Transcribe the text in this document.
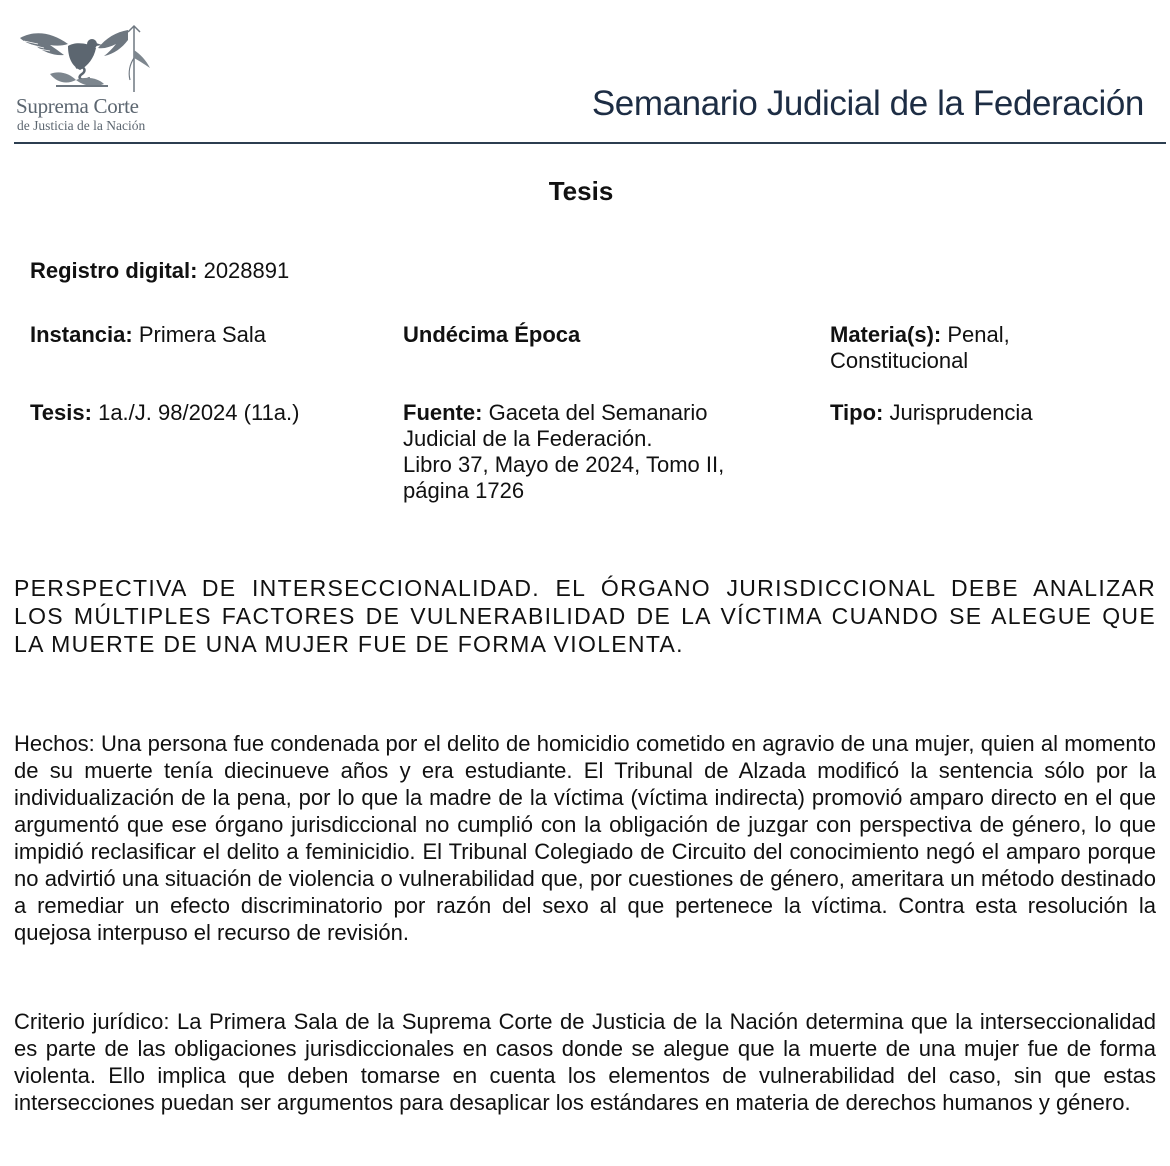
Suprema Corte
de Justicia de la Nación
Semanario Judicial de la Federación
Tesis
Registro digital: 2028891
Instancia: Primera Sala	Undécima Época	Materia(s): Penal,
Constitucional
Tesis: 1a./J. 98/2024 (11a.)	Fuente: Gaceta del Semanario
Judicial de la Federación.
Libro 37, Mayo de 2024, Tomo II,
página 1726
Tipo: Jurisprudencia
PERSPECTIVA DE INTERSECCIONALIDAD. EL ÓRGANO JURISDICCIONAL DEBE ANALIZAR LOS MÚLTIPLES FACTORES DE VULNERABILIDAD DE LA VÍCTIMA CUANDO SE ALEGUE QUE LA MUERTE DE UNA MUJER FUE DE FORMA VIOLENTA.
Hechos: Una persona fue condenada por el delito de homicidio cometido en agravio de una mujer, quien al momento de su muerte tenía diecinueve años y era estudiante. El Tribunal de Alzada modificó la sentencia sólo por la individualización de la pena, por lo que la madre de la víctima (víctima indirecta) promovió amparo directo en el que argumentó que ese órgano jurisdiccional no cumplió con la obligación de juzgar con perspectiva de género, lo que impidió reclasificar el delito a feminicidio. El Tribunal Colegiado de Circuito del conocimiento negó el amparo porque no advirtió una situación de violencia o vulnerabilidad que, por cuestiones de género, ameritara un método destinado a remediar un efecto discriminatorio por razón del sexo al que pertenece la víctima. Contra esta resolución la quejosa interpuso el recurso de revisión.
Criterio jurídico: La Primera Sala de la Suprema Corte de Justicia de la Nación determina que la interseccionalidad es parte de las obligaciones jurisdiccionales en casos donde se alegue que la muerte de una mujer fue de forma violenta. Ello implica que deben tomarse en cuenta los elementos de vulnerabilidad del caso, sin que estas intersecciones puedan ser argumentos para desaplicar los estándares en materia de derechos humanos y género.
